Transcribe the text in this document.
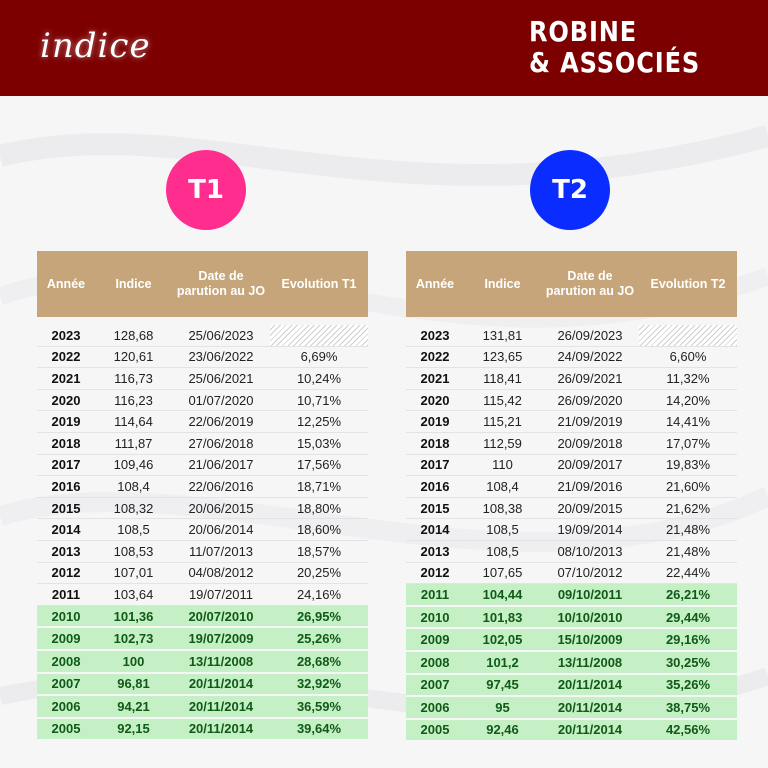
indice	ROBINE
& ASSOCIÉS
T1	T2
Année	Indice	Date de parution au JO	Evolution T1

2023	128,68	25/06/2023	
2022	120,61	23/06/2022	6,69%
2021	116,73	25/06/2021	10,24%
2020	116,23	01/07/2020	10,71%
2019	114,64	22/06/2019	12,25%
2018	111,87	27/06/2018	15,03%
2017	109,46	21/06/2017	17,56%
2016	108,4	22/06/2016	18,71%
2015	108,32	20/06/2015	18,80%
2014	108,5	20/06/2014	18,60%
2013	108,53	11/07/2013	18,57%
2012	107,01	04/08/2012	20,25%
2011	103,64	19/07/2011	24,16%
2010	101,36	20/07/2010	26,95%
2009	102,73	19/07/2009	25,26%
2008	100	13/11/2008	28,68%
2007	96,81	20/11/2014	32,92%
2006	94,21	20/11/2014	36,59%
2005	92,15	20/11/2014	39,64%
Année	Indice	Date de parution au JO	Evolution T2

2023	131,81	26/09/2023	
2022	123,65	24/09/2022	6,60%
2021	118,41	26/09/2021	11,32%
2020	115,42	26/09/2020	14,20%
2019	115,21	21/09/2019	14,41%
2018	112,59	20/09/2018	17,07%
2017	110	20/09/2017	19,83%
2016	108,4	21/09/2016	21,60%
2015	108,38	20/09/2015	21,62%
2014	108,5	19/09/2014	21,48%
2013	108,5	08/10/2013	21,48%
2012	107,65	07/10/2012	22,44%
2011	104,44	09/10/2011	26,21%
2010	101,83	10/10/2010	29,44%
2009	102,05	15/10/2009	29,16%
2008	101,2	13/11/2008	30,25%
2007	97,45	20/11/2014	35,26%
2006	95	20/11/2014	38,75%
2005	92,46	20/11/2014	42,56%
